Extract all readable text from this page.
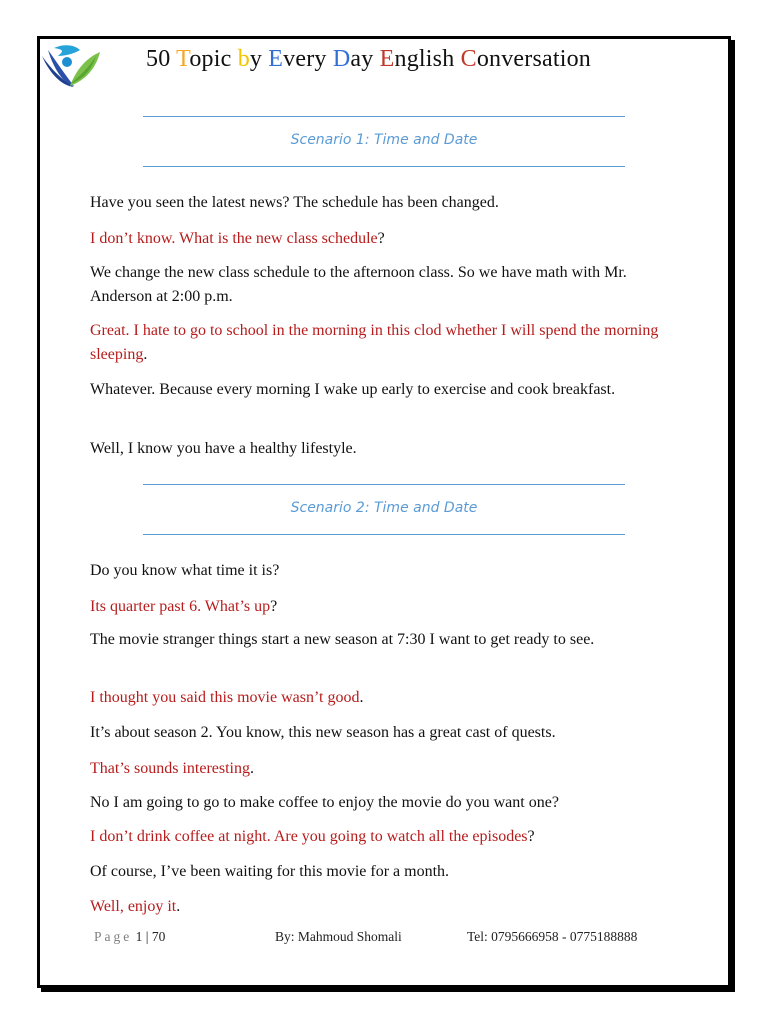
50 Topic by Every Day English Conversation
Scenario 1: Time and Date
Have you seen the latest news? The schedule has been changed.
I don’t know. What is the new class schedule?
We change the new class schedule to the afternoon class. So we have math with Mr. Anderson at 2:00 p.m.
Great. I hate to go to school in the morning in this clod whether I will spend the morning sleeping.
Whatever. Because every morning I wake up early to exercise and cook breakfast.
Well, I know you have a healthy lifestyle.
Scenario 2: Time and Date
Do you know what time it is?
Its quarter past 6. What’s up?
The movie stranger things start a new season at 7:30 I want to get ready to see.
I thought you said this movie wasn’t good.
It’s about season 2. You know, this new season has a great cast of quests.
That’s sounds interesting.
No I am going to go to make coffee to enjoy the movie do you want one?
I don’t drink coffee at night. Are you going to watch all the episodes?
Of course, I’ve been waiting for this movie for a month.
Well, enjoy it.
Page 1 | 70	By: Mahmoud Shomali	Tel: 0795666958 - 0775188888
